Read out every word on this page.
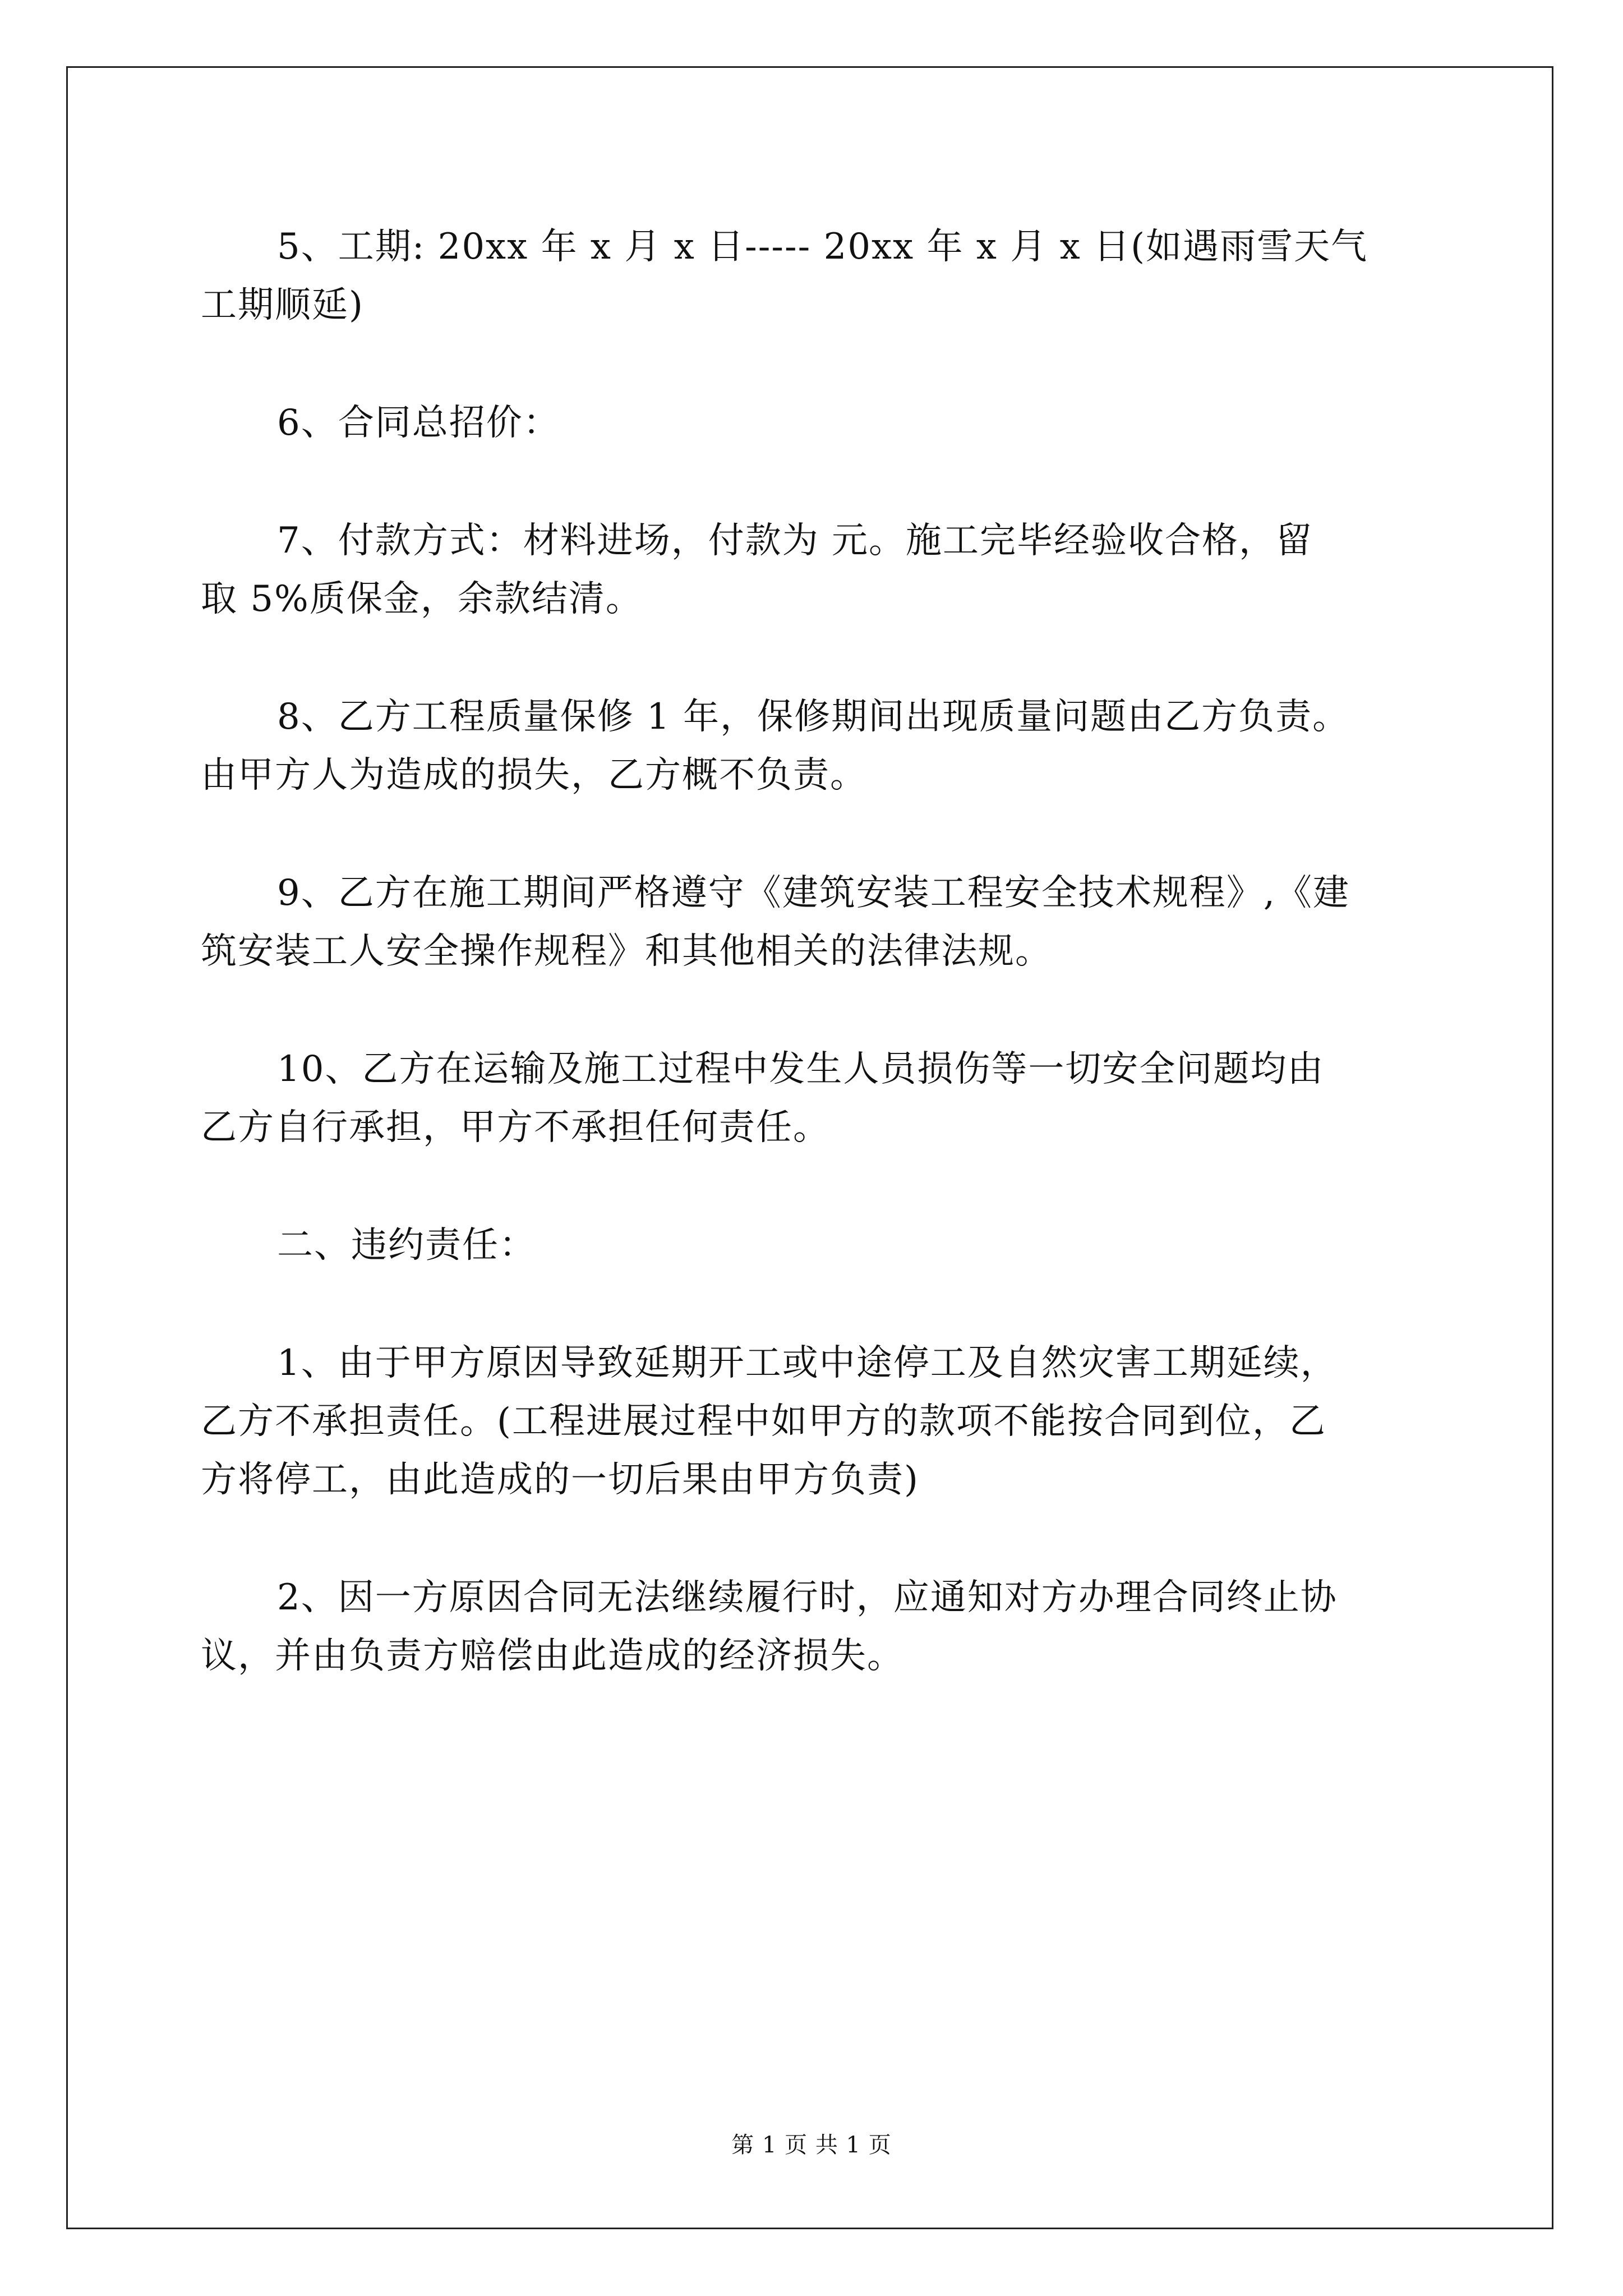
5、工期: 20xx 年 x 月 x 日----- 20xx 年 x 月 x 日(如遇雨雪天气
工期顺延)
6、合同总招价：
7、付款方式：材料进场，付款为 元。施工完毕经验收合格，留
取 5%质保金，余款结清。
8、乙方工程质量保修 1 年，保修期间出现质量问题由乙方负责。
由甲方人为造成的损失，乙方概不负责。
9、乙方在施工期间严格遵守《建筑安装工程安全技术规程》,《建
筑安装工人安全操作规程》和其他相关的法律法规。
10、乙方在运输及施工过程中发生人员损伤等一切安全问题均由
乙方自行承担，甲方不承担任何责任。
二、违约责任：
1、由于甲方原因导致延期开工或中途停工及自然灾害工期延续，
乙方不承担责任。(工程进展过程中如甲方的款项不能按合同到位，乙
方将停工，由此造成的一切后果由甲方负责)
2、因一方原因合同无法继续履行时，应通知对方办理合同终止协
议，并由负责方赔偿由此造成的经济损失。
第 1 页 共 1 页
